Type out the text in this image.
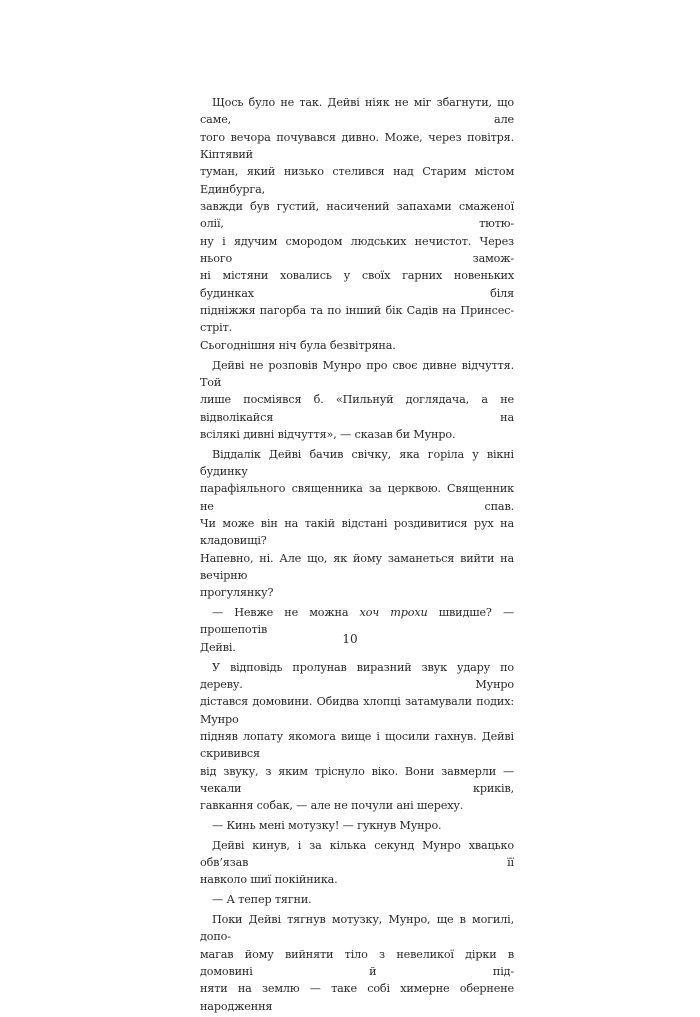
Щось було не так. Дейві ніяк не міг збагнути, що саме, але
того вечора почувався дивно. Може, через повітря. Кіптявий
туман, який низько стелився над Старим містом Единбурга,
завжди був густий, насичений запахами смаженої олії, тютю-
ну і ядучим смородом людських нечистот. Через нього замож-
ні містяни ховались у своїх гарних новеньких будинках біля
підніжжя пагорба та по інший бік Садів на Принсес-стріт.
Сьогоднішня ніч була безвітряна.

Дейві не розповів Мунро про своє дивне відчуття. Той
лише посміявся б. «Пильнуй доглядача, а не відволікайся на
всілякі дивні відчуття», — сказав би Мунро.

Віддалік Дейві бачив свічку, яка горіла у вікні будинку
парафіяльного священника за церквою. Священник не спав.
Чи може він на такій відстані роздивитися рух на кладовищі?
Напевно, ні. Але що, як йому заманеться вийти на вечірню
прогулянку?

— Невже не можна хоч трохи швидше? — прошепотів
Дейві.

У відповідь пролунав виразний звук удару по дереву. Мунро
дістався домовини. Обидва хлопці затамували подих: Мунро
підняв лопату якомога вище і щосили гахнув. Дейві скривився
від звуку, з яким тріснуло віко. Вони завмерли — чекали криків,
гавкання собак, — але не почули ані шереху.

— Кинь мені мотузку! — гукнув Мунро.

Дейві кинув, і за кілька секунд Мунро хвацько обв’язав її
навколо шиї покійника.

— А тепер тягни.

Поки Дейві тягнув мотузку, Мунро, ще в могилі, допо-
магав йому вийняти тіло з невеликої дірки в домовині й під-
няти на землю — таке собі химерне обернене народження

10
